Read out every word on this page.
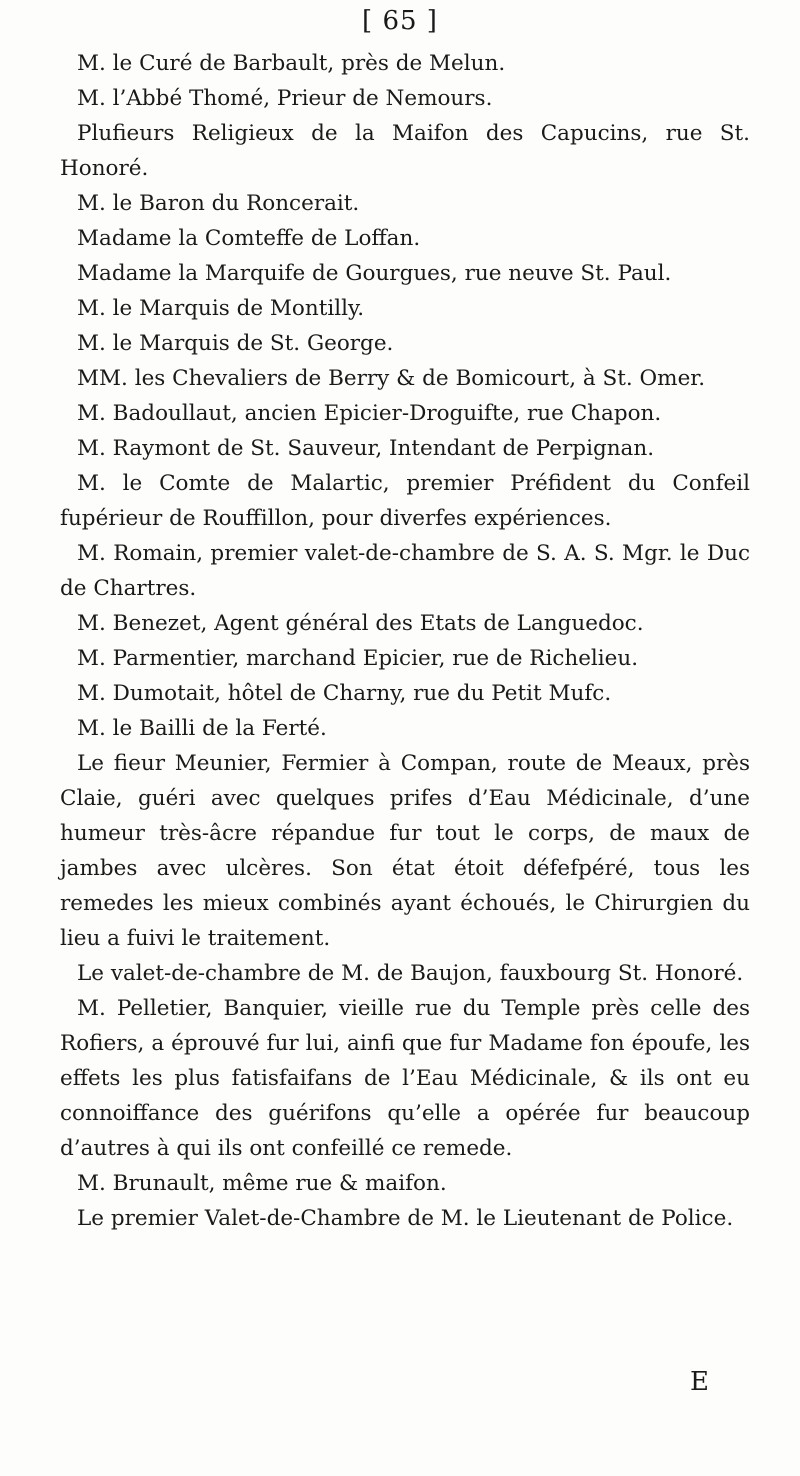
[ 65 ]

M. le Curé de Barbault, près de Melun.

M. l’Abbé Thomé, Prieur de Nemours.

Plufieurs Religieux de la Maifon des Capucins, rue St. Honoré.

M. le Baron du Roncerait.

Madame la Comteffe de Loffan.

Madame la Marquife de Gourgues, rue neuve St. Paul.

M. le Marquis de Montilly.

M. le Marquis de St. George.

MM. les Chevaliers de Berry & de Bomicourt, à St. Omer.

M. Badoullaut, ancien Epicier-Droguifte, rue Chapon.

M. Raymont de St. Sauveur, Intendant de Perpignan.

M. le Comte de Malartic, premier Préfident du Confeil fupérieur de Rouffillon, pour diverfes expériences.

M. Romain, premier valet-de-chambre de S. A. S. Mgr. le Duc de Chartres.

M. Benezet, Agent général des Etats de Languedoc.

M. Parmentier, marchand Epicier, rue de Richelieu.

M. Dumotait, hôtel de Charny, rue du Petit Mufc.

M. le Bailli de la Ferté.

Le fieur Meunier, Fermier à Compan, route de Meaux, près Claie, guéri avec quelques prifes d’Eau Médicinale, d’une humeur très-âcre répandue fur tout le corps, de maux de jambes avec ulcères. Son état étoit défefpéré, tous les remedes les mieux combinés ayant échoués, le Chirurgien du lieu a fuivi le traitement.

Le valet-de-chambre de M. de Baujon, fauxbourg St. Honoré.

M. Pelletier, Banquier, vieille rue du Temple près celle des Rofiers, a éprouvé fur lui, ainfi que fur Madame fon époufe, les effets les plus fatisfaifans de l’Eau Médicinale, & ils ont eu connoiffance des guérifons qu’elle a opérée fur beaucoup d’autres à qui ils ont confeillé ce remede.

M. Brunault, même rue & maifon.

Le premier Valet-de-Chambre de M. le Lieutenant de Police.

E
